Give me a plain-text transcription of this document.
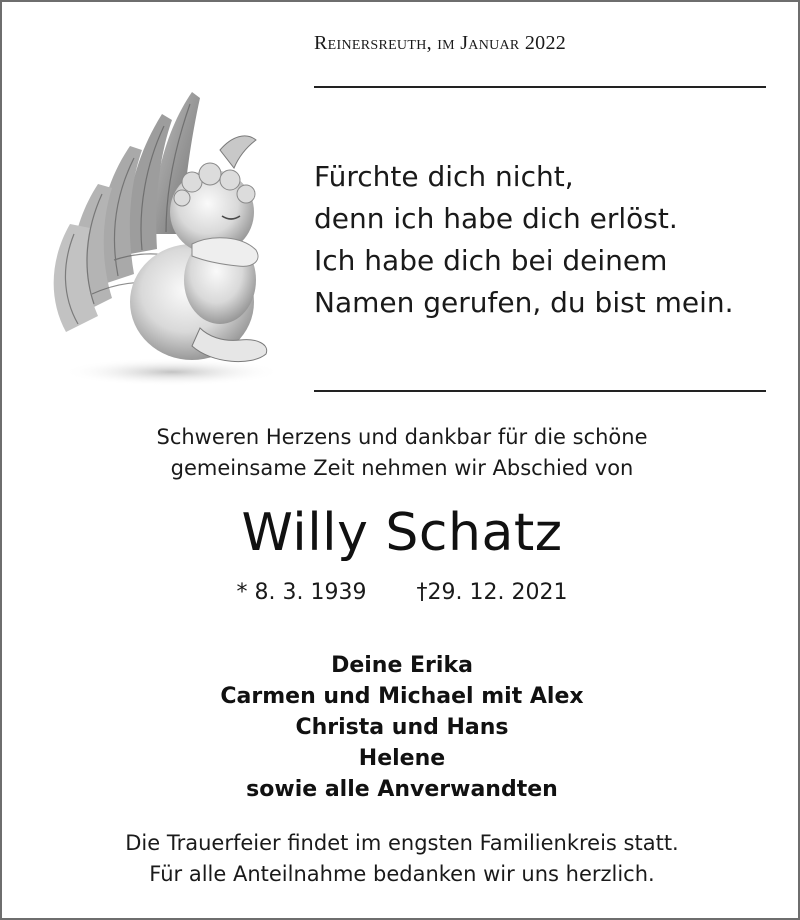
Reinersreuth, im Januar 2022
Fürchte dich nicht,
denn ich habe dich erlöst.
Ich habe dich bei deinem
Namen gerufen, du bist mein.
Schweren Herzens und dankbar für die schöne
gemeinsame Zeit nehmen wir Abschied von
Willy Schatz
* 8. 3. 1939 †29. 12. 2021
Deine Erika
Carmen und Michael mit Alex
Christa und Hans
Helene
sowie alle Anverwandten
Die Trauerfeier findet im engsten Familienkreis statt.
Für alle Anteilnahme bedanken wir uns herzlich.
